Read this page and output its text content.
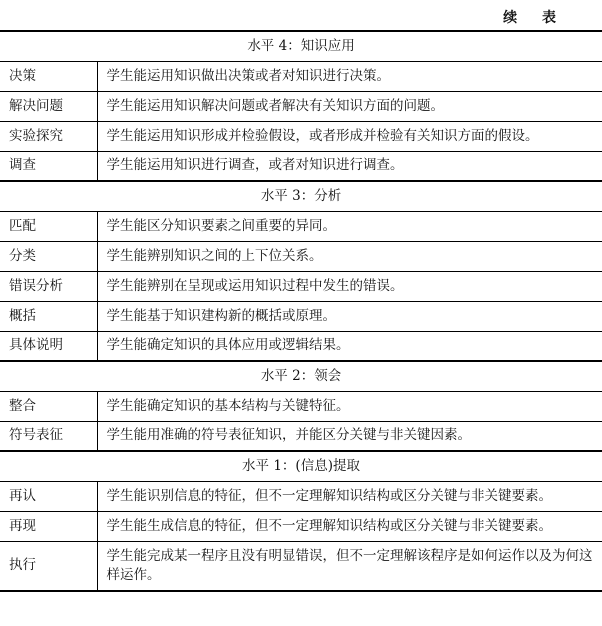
续 表
水平 4：知识应用	
决策	学生能运用知识做出决策或者对知识进行决策。
解决问题	学生能运用知识解决问题或者解决有关知识方面的问题。
实验探究	学生能运用知识形成并检验假设，或者形成并检验有关知识方面的假设。
调查	学生能运用知识进行调查，或者对知识进行调查。
水平 3：分析	
匹配	学生能区分知识要素之间重要的异同。
分类	学生能辨别知识之间的上下位关系。
错误分析	学生能辨别在呈现或运用知识过程中发生的错误。
概括	学生能基于知识建构新的概括或原理。
具体说明	学生能确定知识的具体应用或逻辑结果。
水平 2：领会	
整合	学生能确定知识的基本结构与关键特征。
符号表征	学生能用准确的符号表征知识，并能区分关键与非关键因素。
水平 1：(信息)提取	
再认	学生能识别信息的特征，但不一定理解知识结构或区分关键与非关键要素。
再现	学生能生成信息的特征，但不一定理解知识结构或区分关键与非关键要素。
执行	学生能完成某一程序且没有明显错误，但不一定理解该程序是如何运作以及为何这样运作。
